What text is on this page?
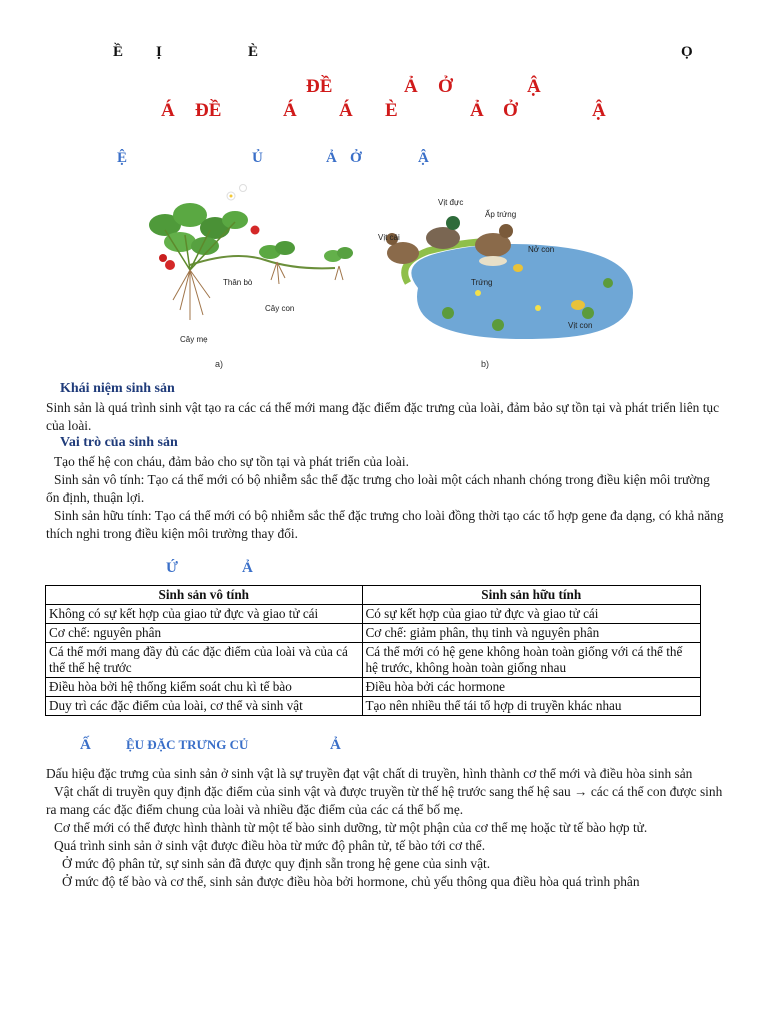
Ề Ị	È	Ọ
ĐỀ	Ả Ở	Ậ
Á ĐỀ	Á Á È	Ả Ở	Ậ
Ệ	Ủ	Ả Ở	Ậ
Thân bò
Cây con
Cây mẹ
a)
Vịt đực
Ấp trứng
Vịt cái
Nở con
Trứng
Vịt con
b)
Khái niệm sinh sản

Sinh sản là quá trình sinh vật tạo ra các cá thể mới mang đặc điểm đặc trưng của loài, đảm bảo sự tồn tại và phát triển liên tục của loài.

Vai trò của sinh sản

Tạo thế hệ con cháu, đảm bảo cho sự tồn tại và phát triển của loài.

Sinh sản vô tính: Tạo cá thể mới có bộ nhiễm sắc thể đặc trưng cho loài một cách nhanh chóng trong điều kiện môi trường ổn định, thuận lợi.

Sinh sản hữu tính: Tạo cá thể mới có bộ nhiễm sắc thể đặc trưng cho loài đồng thời tạo các tổ hợp gene đa dạng, có khả năng thích nghi trong điều kiện môi trường thay đổi.

Ứ	Ả
Sinh sản vô tính	Sinh sản hữu tính
Không có sự kết hợp của giao tử đực và giao tử cái	Có sự kết hợp của giao tử đực và giao tử cái
Cơ chế: nguyên phân	Cơ chế: giảm phân, thụ tinh và nguyên phân
Cá thể mới mang đầy đủ các đặc điểm của loài và của cá thể thế hệ trước	Cá thể mới có hệ gene không hoàn toàn giống với cá thể thế hệ trước, không hoàn toàn giống nhau
Điều hòa bởi hệ thống kiểm soát chu kì tế bào	Điều hòa bởi các hormone
Duy trì các đặc điểm của loài, cơ thể và sinh vật	Tạo nên nhiều thể tái tổ hợp di truyền khác nhau
Ấ	ỆU ĐẶC TRƯNG CỦ	Ả

Dấu hiệu đặc trưng của sinh sản ở sinh vật là sự truyền đạt vật chất di truyền, hình thành cơ thể mới và điều hòa sinh sản

Vật chất di truyền quy định đặc điểm của sinh vật và được truyền từ thế hệ trước sang thế hệ sau → các cá thể con được sinh ra mang các đặc điểm chung của loài và nhiều đặc điểm của các cá thể bố mẹ.

Cơ thể mới có thể được hình thành từ một tế bào sinh dưỡng, từ một phận của cơ thể mẹ hoặc từ tế bào hợp tử.

Quá trình sinh sản ở sinh vật được điều hòa từ mức độ phân tử, tế bào tới cơ thể.

Ở mức độ phân tử, sự sinh sản đã được quy định sẵn trong hệ gene của sinh vật.

Ở mức độ tế bào và cơ thể, sinh sản được điều hòa bởi hormone, chủ yếu thông qua điều hòa quá trình phân
